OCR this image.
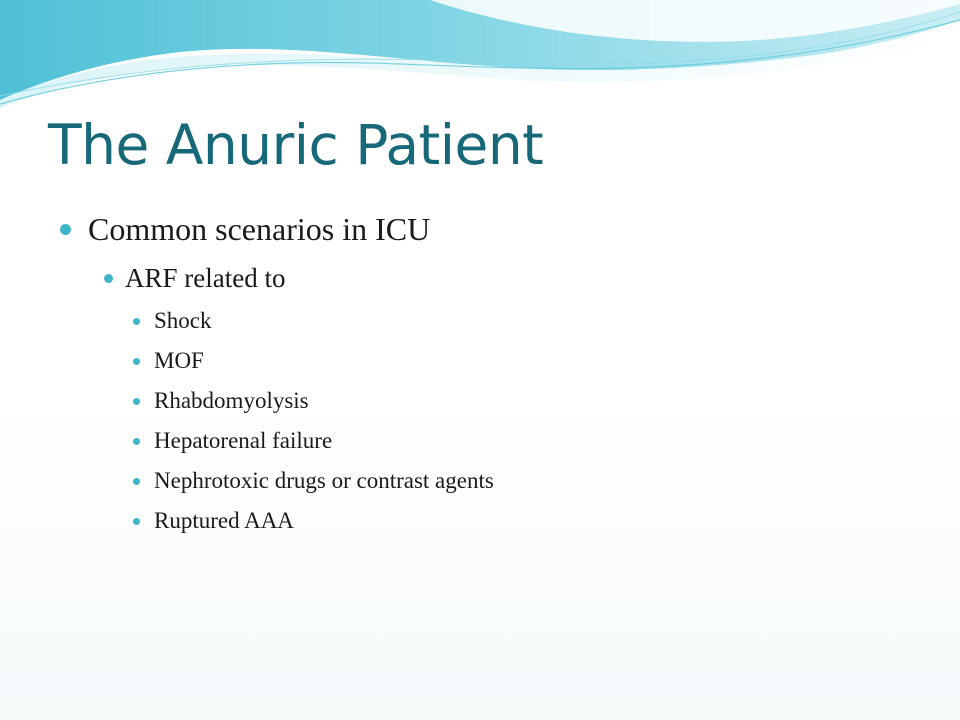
The Anuric Patient
Common scenarios in ICU
ARF related to
Shock
MOF
Rhabdomyolysis
Hepatorenal failure
Nephrotoxic drugs or contrast agents
Ruptured AAA
